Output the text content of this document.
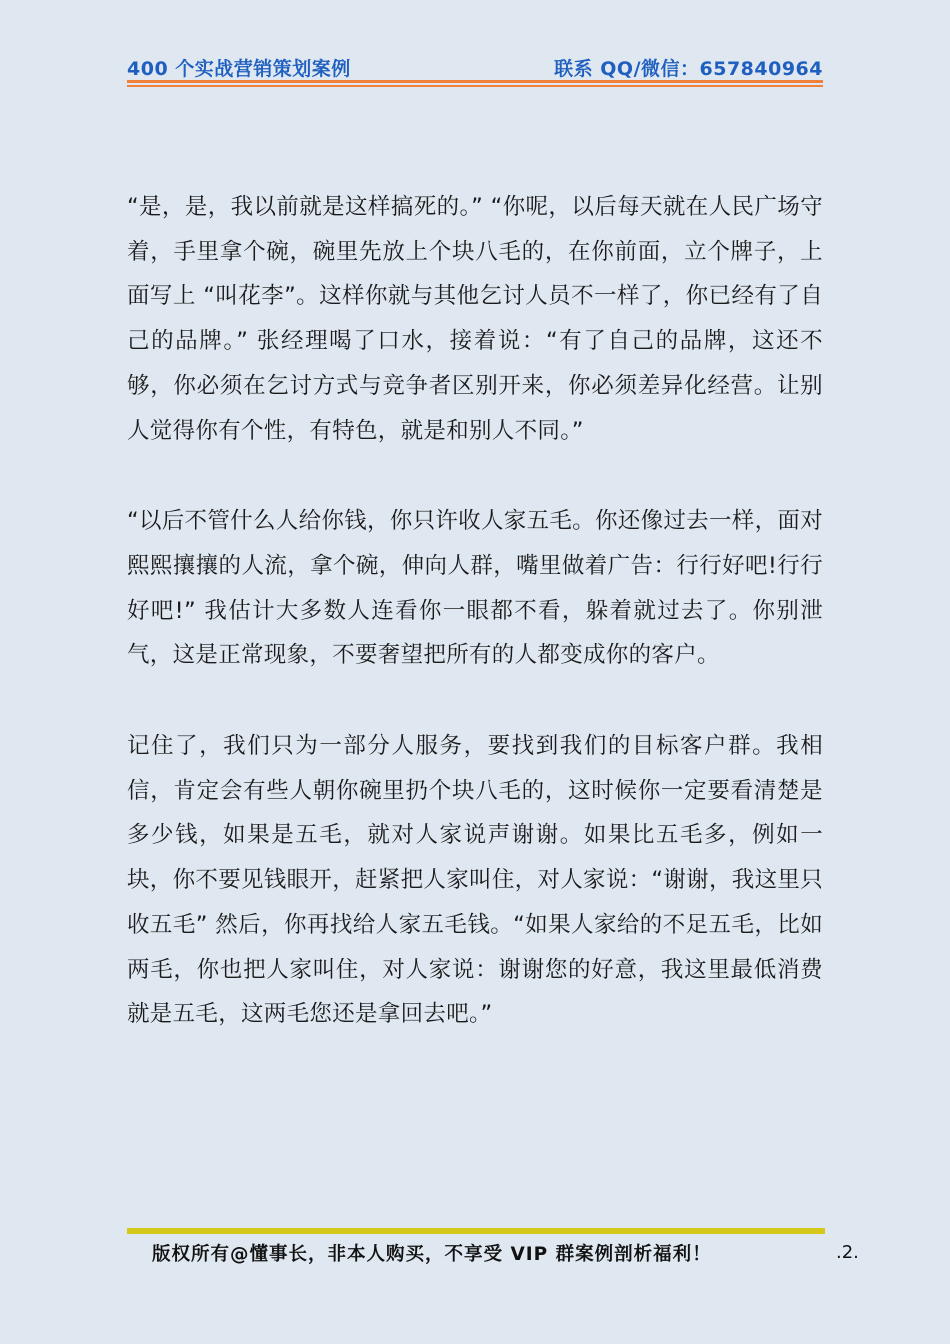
400 个实战营销策划案例	联系 QQ/微信：657840964

“是，是，我以前就是这样搞死的。” “你呢，以后每天就在人民广场守着，手里拿个碗，碗里先放上个块八毛的，在你前面，立个牌子，上面写上 “叫花李”。这样你就与其他乞讨人员不一样了，你已经有了自己的品牌。” 张经理喝了口水，接着说：“有了自己的品牌，这还不够，你必须在乞讨方式与竞争者区别开来，你必须差异化经营。让别人觉得你有个性，有特色，就是和别人不同。”

“以后不管什么人给你钱，你只许收人家五毛。你还像过去一样，面对熙熙攘攘的人流，拿个碗，伸向人群，嘴里做着广告：行行好吧!行行好吧!” 我估计大多数人连看你一眼都不看，躲着就过去了。你别泄气，这是正常现象，不要奢望把所有的人都变成你的客户。

记住了，我们只为一部分人服务，要找到我们的目标客户群。我相信，肯定会有些人朝你碗里扔个块八毛的，这时候你一定要看清楚是多少钱，如果是五毛，就对人家说声谢谢。如果比五毛多，例如一块，你不要见钱眼开，赶紧把人家叫住，对人家说：“谢谢，我这里只收五毛” 然后，你再找给人家五毛钱。“如果人家给的不足五毛，比如两毛，你也把人家叫住，对人家说：谢谢您的好意，我这里最低消费就是五毛，这两毛您还是拿回去吧。”

版权所有@懂事长，非本人购买，不享受 VIP 群案例剖析福利！	.2.
